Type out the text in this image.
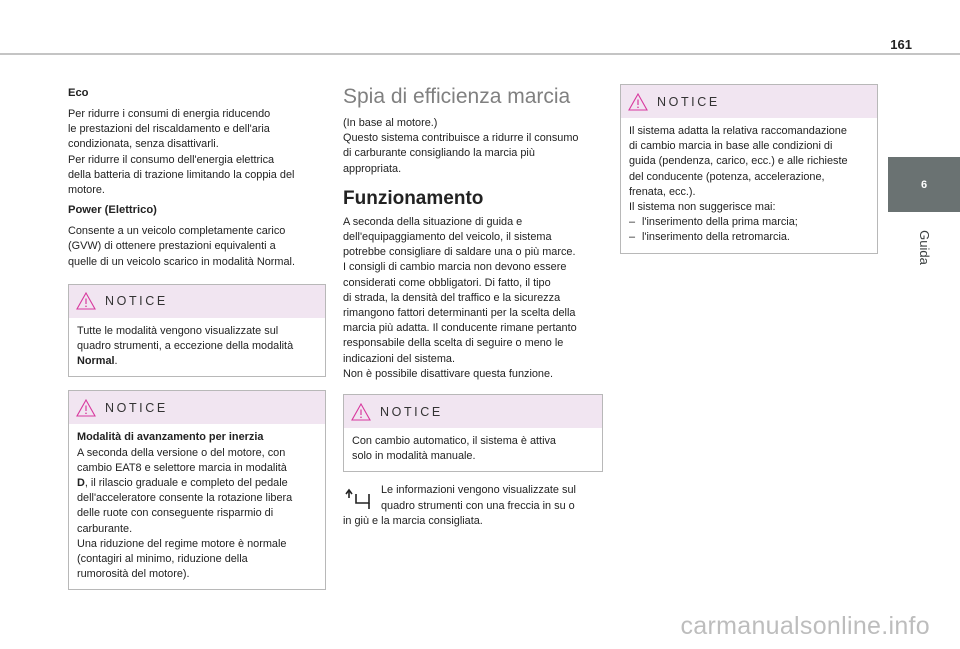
161
6
Guida
Eco

Per ridurre i consumi di energia riducendo

le prestazioni del riscaldamento e dell'aria

condizionata, senza disattivarli.

Per ridurre il consumo dell'energia elettrica

della batteria di trazione limitando la coppia del

motore.

Power (Elettrico)

Consente a un veicolo completamente carico

(GVW) di ottenere prestazioni equivalenti a

quelle di un veicolo scarico in modalità Normal.

NOTICE

Tutte le modalità vengono visualizzate sul

quadro strumenti, a eccezione della modalità

Normal.

NOTICE

Modalità di avanzamento per inerzia

A seconda della versione o del motore, con

cambio EAT8 e selettore marcia in modalità

D, il rilascio graduale e completo del pedale

dell'acceleratore consente la rotazione libera

delle ruote con conseguente risparmio di

carburante.

Una riduzione del regime motore è normale

(contagiri al minimo, riduzione della

rumorosità del motore).

Spia di efficienza marcia

(In base al motore.)

Questo sistema contribuisce a ridurre il consumo

di carburante consigliando la marcia più

appropriata.

Funzionamento

A seconda della situazione di guida e

dell'equipaggiamento del veicolo, il sistema

potrebbe consigliare di saldare una o più marce.

I consigli di cambio marcia non devono essere

considerati come obbligatori. Di fatto, il tipo

di strada, la densità del traffico e la sicurezza

rimangono fattori determinanti per la scelta della

marcia più adatta. Il conducente rimane pertanto

responsabile della scelta di seguire o meno le

indicazioni del sistema.

Non è possibile disattivare questa funzione.

NOTICE

Con cambio automatico, il sistema è attiva

solo in modalità manuale.

Le informazioni vengono visualizzate sul

quadro strumenti con una freccia in su o

in giù e la marcia consigliata.

NOTICE

Il sistema adatta la relativa raccomandazione

di cambio marcia in base alle condizioni di

guida (pendenza, carico, ecc.) e alle richieste

del conducente (potenza, accelerazione,

frenata, ecc.).

Il sistema non suggerisce mai:

– l'inserimento della prima marcia;
– l'inserimento della retromarcia.
carmanualsonline.info
